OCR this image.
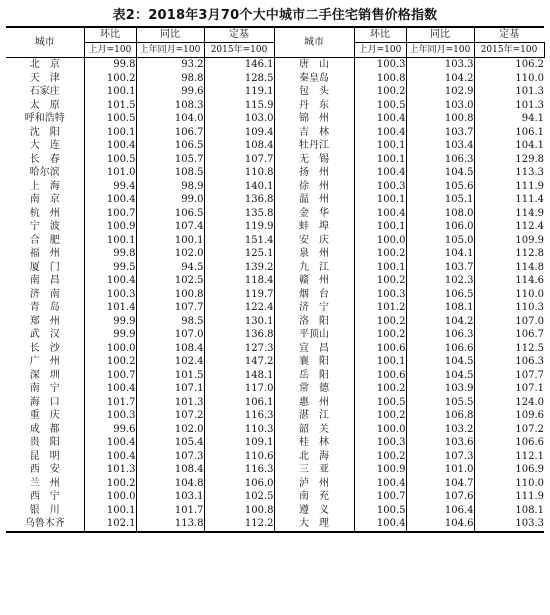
表2：2018年3月70个大中城市二手住宅销售价格指数
城市	环比	同比	定基	城市	环比	同比	定基
	上月=100	上年同月=100	2015年=100		上月=100	上年同月=100	2015年=100
北　京	99.8	93.2	146.1	唐　山	100.3	103.3	106.2
天　津	100.2	98.8	128.5	秦皇岛	100.8	104.2	110.0
石家庄	100.1	99.6	119.1	包　头	100.2	102.9	101.3
太　原	101.5	108.3	115.9	丹　东	100.5	103.0	101.3
呼和浩特	100.5	104.0	103.0	锦　州	100.4	100.8	94.1
沈　阳	100.1	106.7	109.4	吉　林	100.4	103.7	106.1
大　连	100.4	106.5	108.4	牡丹江	100.1	103.4	104.1
长　春	100.5	105.7	107.7	无　锡	100.1	106.3	129.8
哈尔滨	101.0	108.5	110.8	扬　州	100.4	104.5	113.3
上　海	99.4	98.9	140.1	徐　州	100.3	105.6	111.9
南　京	100.4	99.0	136.8	温　州	100.1	105.1	111.4
杭　州	100.7	106.5	135.8	金　华	100.4	108.0	114.9
宁　波	100.9	107.4	119.9	蚌　埠	100.1	106.0	112.4
合　肥	100.1	100.1	151.4	安　庆	100.0	105.0	109.9
福　州	99.8	102.0	125.1	泉　州	100.2	104.1	112.8
厦　门	99.5	94.5	139.2	九　江	100.1	103.7	114.8
南　昌	100.4	102.5	118.4	赣　州	100.2	102.3	114.6
济　南	100.3	100.8	119.7	烟　台	100.3	106.5	110.0
青　岛	101.4	107.7	122.4	济　宁	101.2	108.1	110.3
郑　州	99.9	98.5	130.1	洛　阳	100.2	104.2	107.0
武　汉	99.9	107.0	136.8	平顶山	100.2	106.3	106.7
长　沙	100.0	108.4	127.3	宜　昌	100.6	106.6	112.5
广　州	100.2	102.4	147.2	襄　阳	100.1	104.5	106.3
深　圳	100.7	101.5	148.1	岳　阳	100.6	104.5	107.7
南　宁	100.4	107.1	117.0	常　德	100.2	103.9	107.1
海　口	101.7	101.3	106.1	惠　州	100.5	105.5	124.0
重　庆	100.3	107.2	116.3	湛　江	100.2	106.8	109.6
成　都	99.6	102.0	110.3	韶　关	100.0	103.2	107.2
贵　阳	100.4	105.4	109.1	桂　林	100.3	103.6	106.6
昆　明	100.4	107.3	110.6	北　海	100.2	107.3	112.1
西　安	101.3	108.4	116.3	三　亚	100.9	101.0	106.9
兰　州	100.2	104.8	106.0	泸　州	100.4	104.7	110.0
西　宁	100.0	103.1	102.5	南　充	100.7	107.6	111.9
银　川	100.1	101.7	100.8	遵　义	100.5	106.4	108.1
乌鲁木齐	102.1	113.8	112.2	大　理	100.4	104.6	103.3
